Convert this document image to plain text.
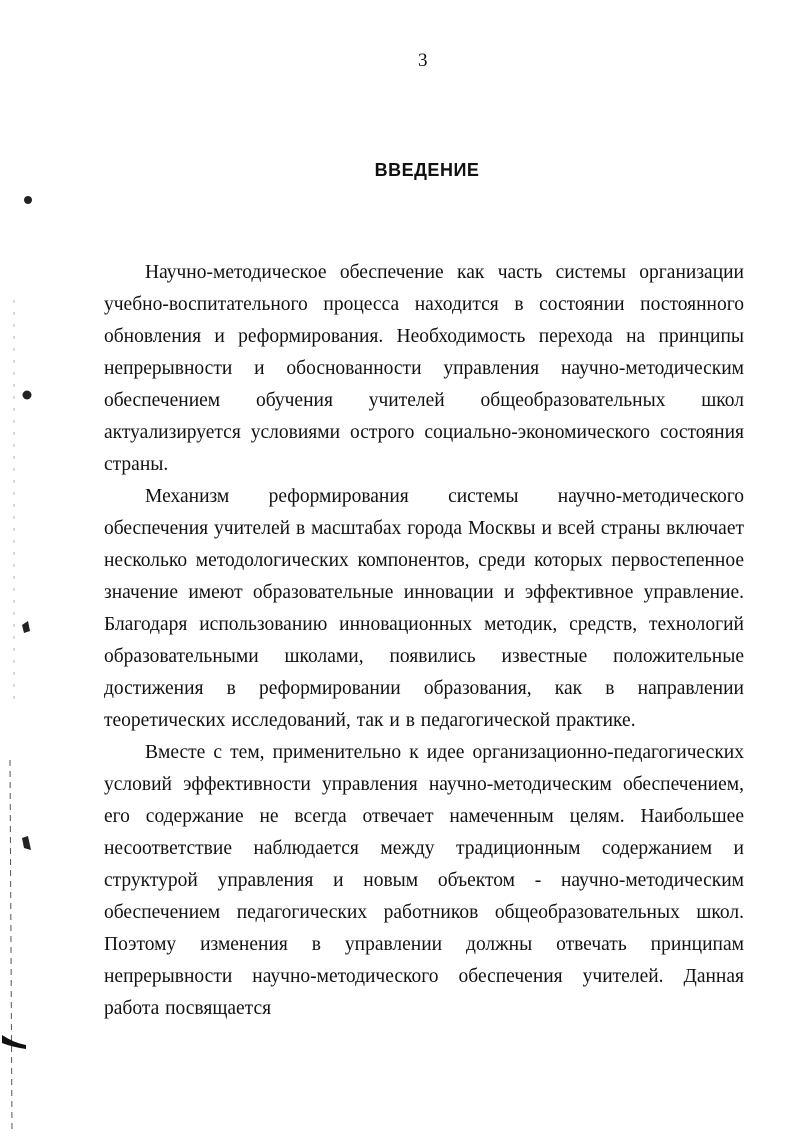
3
ВВЕДЕНИЕ

Научно-методическое обеспечение как часть системы организации учебно-воспитательного процесса находится в состоянии постоянного обновления и реформирования. Необходимость перехода на принципы непрерывности и обоснованности управления научно-методическим обеспечением обучения учителей общеобразовательных школ актуализируется условиями острого социально-экономического состояния страны.

Механизм реформирования системы научно-методического обеспечения учителей в масштабах города Москвы и всей страны включает несколько методологических компонентов, среди которых первостепенное значение имеют образовательные инновации и эффективное управление. Благодаря использованию инновационных методик, средств, технологий образовательными школами, появились известные положительные достижения в реформировании образования, как в направлении теоретических исследований, так и в педагогической практике.

Вместе с тем, применительно к идее организационно-педагогических условий эффективности управления научно-методическим обеспечением, его содержание не всегда отвечает намеченным целям. Наибольшее несоответствие наблюдается между традиционным содержанием и структурой управления и новым объектом - научно-методическим обеспечением педагогических работников общеобразовательных школ. Поэтому изменения в управлении должны отвечать принципам непрерывности научно-методического обеспечения учителей. Данная работа посвящается
